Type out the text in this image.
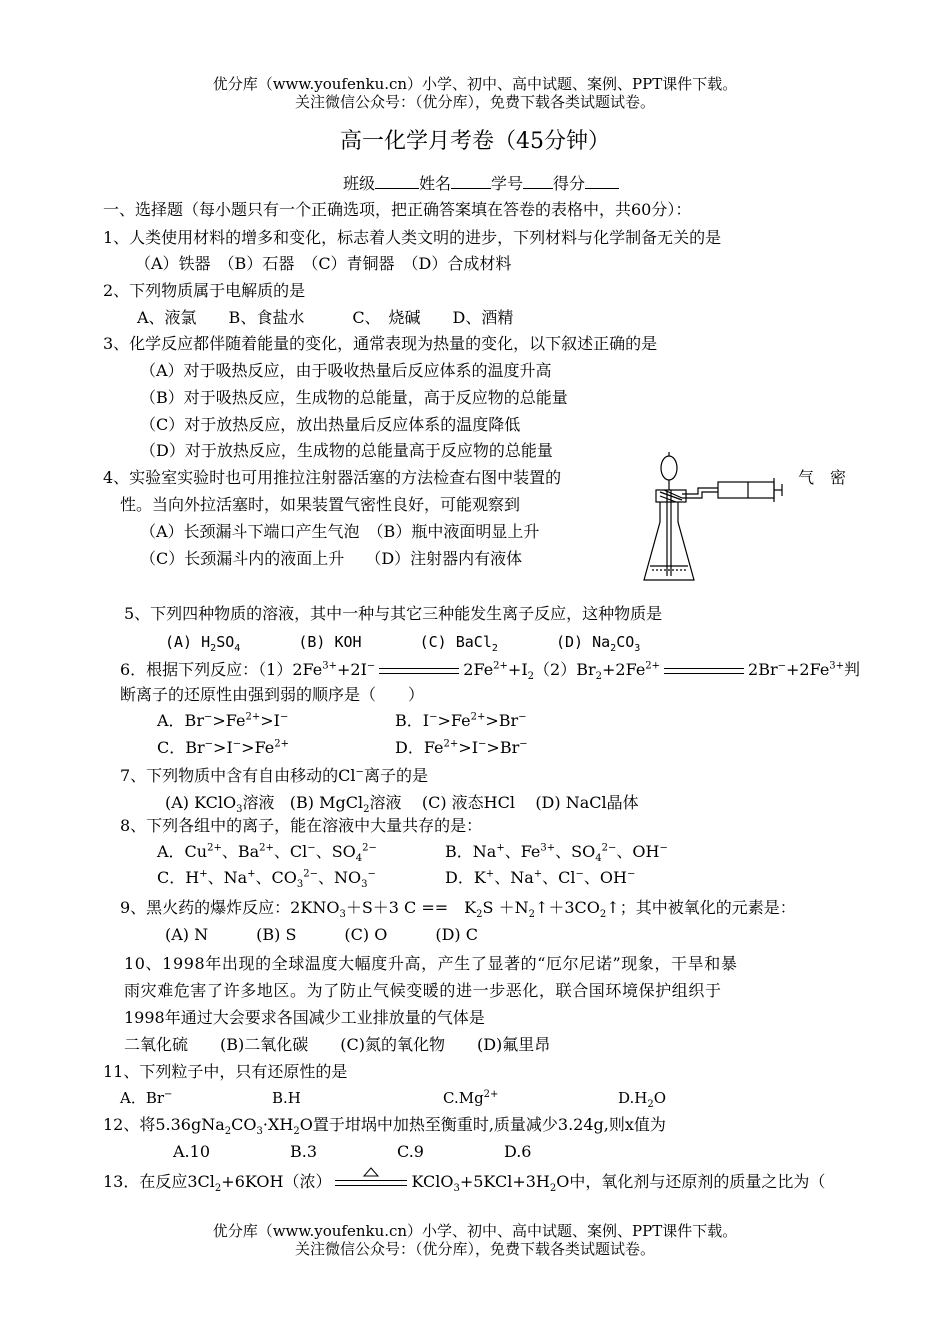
优分库（www.youfenku.cn）小学、初中、高中试题、案例、PPT课件下载。
关注微信公众号：（优分库），免费下载各类试题试卷。
高一化学月考卷（45分钟）
班级	姓名	学号 得分
一、选择题（每小题只有一个正确选项，把正确答案填在答卷的表格中，共60分）：
1、人类使用材料的增多和变化，标志着人类文明的进步，下列材料与化学制备无关的是
（A）铁器　（B）石器　（C）青铜器　（D）合成材料
2、下列物质属于电解质的是
A、液氯　　B、食盐水　　　C、　烧碱　　D、酒精
3、化学反应都伴随着能量的变化，通常表现为热量的变化，以下叙述正确的是
（A）对于吸热反应，由于吸收热量后反应体系的温度升高
（B）对于吸热反应，生成物的总能量，高于反应物的总能量
（C）对于放热反应，放出热量后反应体系的温度降低
（D）对于放热反应，生成物的总能量高于反应物的总能量
4、实验室实验时也可用推拉注射器活塞的方法检查右图中装置的	气　密
性。当向外拉活塞时，如果装置气密性良好，可能观察到
（A）长颈漏斗下端口产生气泡　（B）瓶中液面明显上升
（C）长颈漏斗内的液面上升　 （D）注射器内有液体
5、下列四种物质的溶液，其中一种与其它三种能发生离子反应，这种物质是
(A) $H_2SO_4$	(B) KOH	(C) BaCl$_2$	(D) $Na_2CO_3$
6．根据下列反应：$(1)2Fe^{3+}+2I^-$	$2Fe^{2+}+I_2(2)Br_2+2Fe^{2+}$	$2Br^-+2Fe^{3+}$判
断离子的还原性由强到弱的顺序是（　　）
A．$Br^->Fe^{2+}>I^-$	B．$I^->Fe^{2+}>Br^-$
C．$Br^->I^->Fe^{2+}$	D．$Fe^{2+}>I^->Br^-$
7、下列物质中含有自由移动的Cl−离子的是
(A) KClO$_3$溶液 (B) MgCl$_2$溶液 (C) 液态HCl (D) NaCl晶体
8、下列各组中的离子，能在溶液中大量共存的是：
A．$Cu^{2+}$、$Ba^{2+}$、Cl−、$SO_4^{2-}$	B．Na+、$Fe^{3+}$、$SO_4^{2-}$、OH−
C．H+、Na+、$CO_3^{2-}$、$NO_3^-$	D．K+、Na+、Cl−、OH−
9、黑火药的爆炸反应：$2KNO_3+S+3$ C ==　$K_2S$ $+N_2↑+3CO_2↑$；其中被氧化的元素是：
(A) N　　　(B) S　　　(C) O　　　(D) C
10、1998年出现的全球温度大幅度升高，产生了显著的“厄尔尼诺”现象，干旱和暴
雨灾难危害了许多地区。为了防止气候变暖的进一步恶化，联合国环境保护组织于
1998年通过大会要求各国减少工业排放量的气体是
二氧化硫　　(B)二氧化碳　　(C)氮的氧化物　　(D)氟里昂
11、下列粒子中，只有还原性的是
A．Br−	B.H	$C.Mg^{2+}$	$D.H_2O$
12、将$5.36gNa_2CO_3\cdot XH_2O$置于坩埚中加热至衡重时,质量减少3.24g,则x值为
A.10　　　　　B.3　　　　　C.9　　　　　D.6
13．在反应$3Cl_2+6KOH$（浓）	$KClO_3+5KCl+3H_2O$中，氧化剂与还原剂的质量之比为（
优分库（www.youfenku.cn）小学、初中、高中试题、案例、PPT课件下载。
关注微信公众号：（优分库），免费下载各类试题试卷。
